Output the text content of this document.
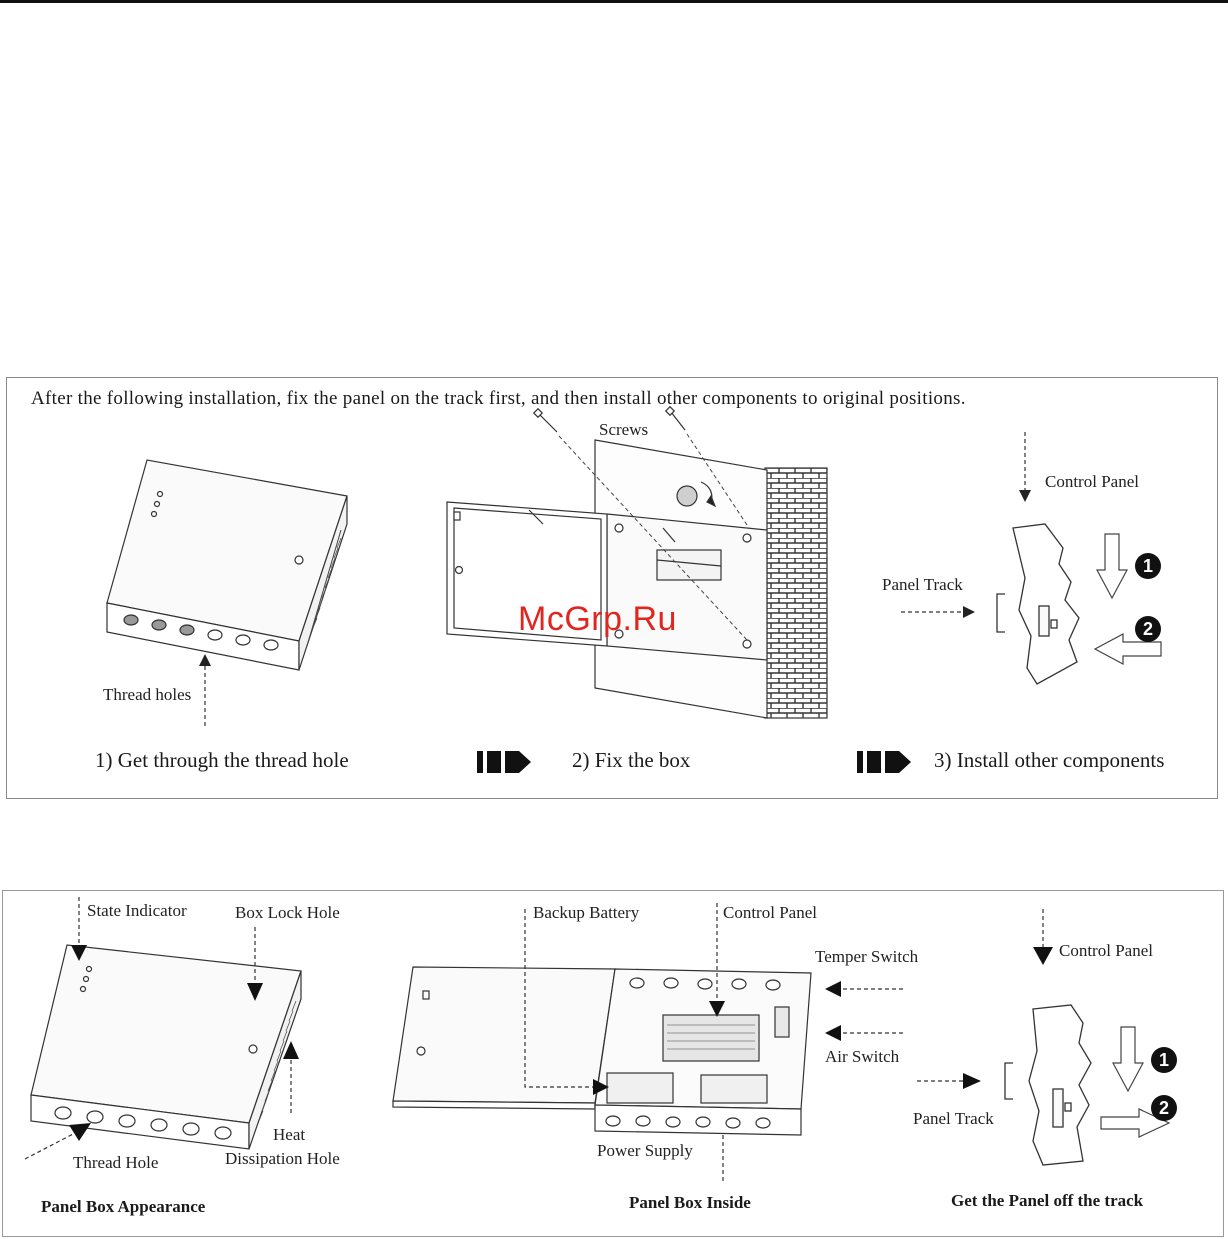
After the following installation, fix the panel on the track first, and then install other components to original positions.
Screws
Control Panel
Panel Track
Thread holes
1
2
1) Get through the thread hole	2) Fix the box	3) Install other components
McGrp.Ru
State Indicator	Box Lock Hole
Heat
Dissipation Hole
Thread Hole
Backup Battery	Control Panel
Temper Switch
Air Switch
Power Supply
Control Panel
Panel Track
1
2
Panel Box Appearance	Panel Box Inside	Get the Panel off the track
